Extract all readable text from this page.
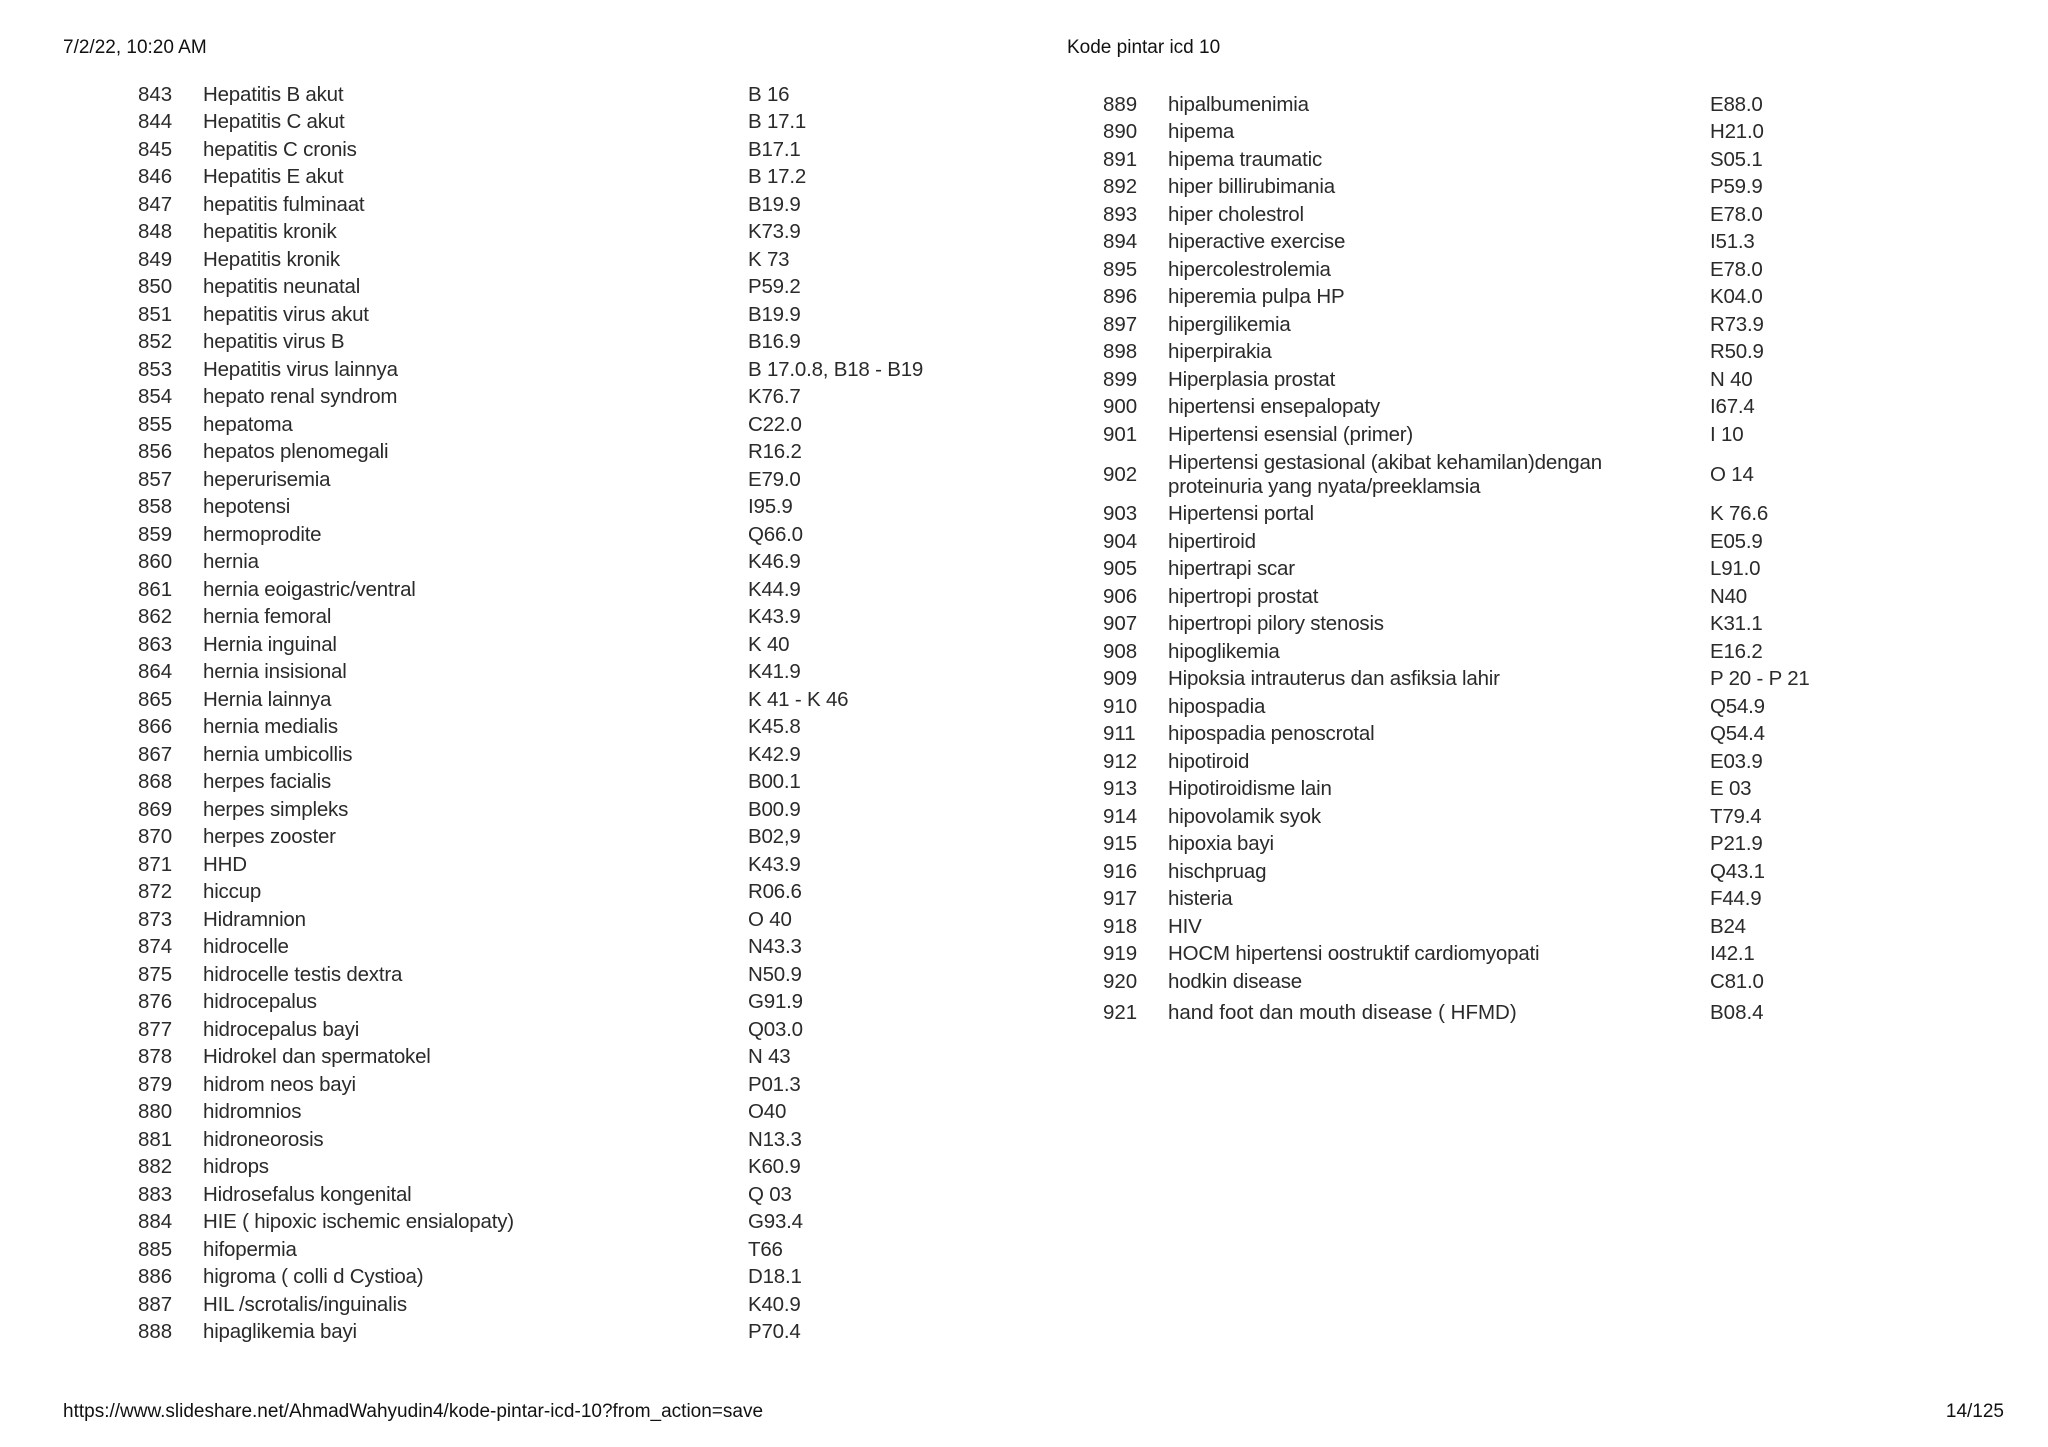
7/2/22, 10:20 AM	Kode pintar icd 10
843	Hepatitis B akut	B 16
844	Hepatitis C akut	B 17.1
845	hepatitis C cronis	B17.1
846	Hepatitis E akut	B 17.2
847	hepatitis fulminaat	B19.9
848	hepatitis kronik	K73.9
849	Hepatitis kronik	K 73
850	hepatitis neunatal	P59.2
851	hepatitis virus akut	B19.9
852	hepatitis virus B	B16.9
853	Hepatitis virus lainnya	B 17.0.8, B18 - B19
854	hepato renal syndrom	K76.7
855	hepatoma	C22.0
856	hepatos plenomegali	R16.2
857	heperurisemia	E79.0
858	hepotensi	I95.9
859	hermoprodite	Q66.0
860	hernia	K46.9
861	hernia eoigastric/ventral	K44.9
862	hernia femoral	K43.9
863	Hernia inguinal	K 40
864	hernia insisional	K41.9
865	Hernia lainnya	K 41 - K 46
866	hernia medialis	K45.8
867	hernia umbicollis	K42.9
868	herpes facialis	B00.1
869	herpes simpleks	B00.9
870	herpes zooster	B02,9
871	HHD	K43.9
872	hiccup	R06.6
873	Hidramnion	O 40
874	hidrocelle	N43.3
875	hidrocelle testis dextra	N50.9
876	hidrocepalus	G91.9
877	hidrocepalus bayi	Q03.0
878	Hidrokel dan spermatokel	N 43
879	hidrom neos bayi	P01.3
880	hidromnios	O40
881	hidroneorosis	N13.3
882	hidrops	K60.9
883	Hidrosefalus kongenital	Q 03
884	HIE ( hipoxic ischemic ensialopaty)	G93.4
885	hifopermia	T66
886	higroma ( colli d Cystioa)	D18.1
887	HIL /scrotalis/inguinalis	K40.9
888	hipaglikemia bayi	P70.4
889	hipalbumenimia	E88.0
890	hipema	H21.0
891	hipema traumatic	S05.1
892	hiper billirubimania	P59.9
893	hiper cholestrol	E78.0
894	hiperactive exercise	I51.3
895	hipercolestrolemia	E78.0
896	hiperemia pulpa HP	K04.0
897	hipergilikemia	R73.9
898	hiperpirakia	R50.9
899	Hiperplasia prostat	N 40
900	hipertensi ensepalopaty	I67.4
901	Hipertensi esensial (primer)	I 10
902	Hipertensi gestasional (akibat kehamilan)dengan proteinuria yang nyata/preeklamsia	O 14
903	Hipertensi portal	K 76.6
904	hipertiroid	E05.9
905	hipertrapi scar	L91.0
906	hipertropi prostat	N40
907	hipertropi pilory stenosis	K31.1
908	hipoglikemia	E16.2
909	Hipoksia intrauterus dan asfiksia lahir	P 20 - P 21
910	hipospadia	Q54.9
911	hipospadia penoscrotal	Q54.4
912	hipotiroid	E03.9
913	Hipotiroidisme lain	E 03
914	hipovolamik syok	T79.4
915	hipoxia bayi	P21.9
916	hischpruag	Q43.1
917	histeria	F44.9
918	HIV	B24
919	HOCM hipertensi oostruktif cardiomyopati	I42.1
920	hodkin disease	C81.0
921 hand foot dan mouth disease ( HFMD)	B08.4
https://www.slideshare.net/AhmadWahyudin4/kode-pintar-icd-10?from_action=save	14/125
